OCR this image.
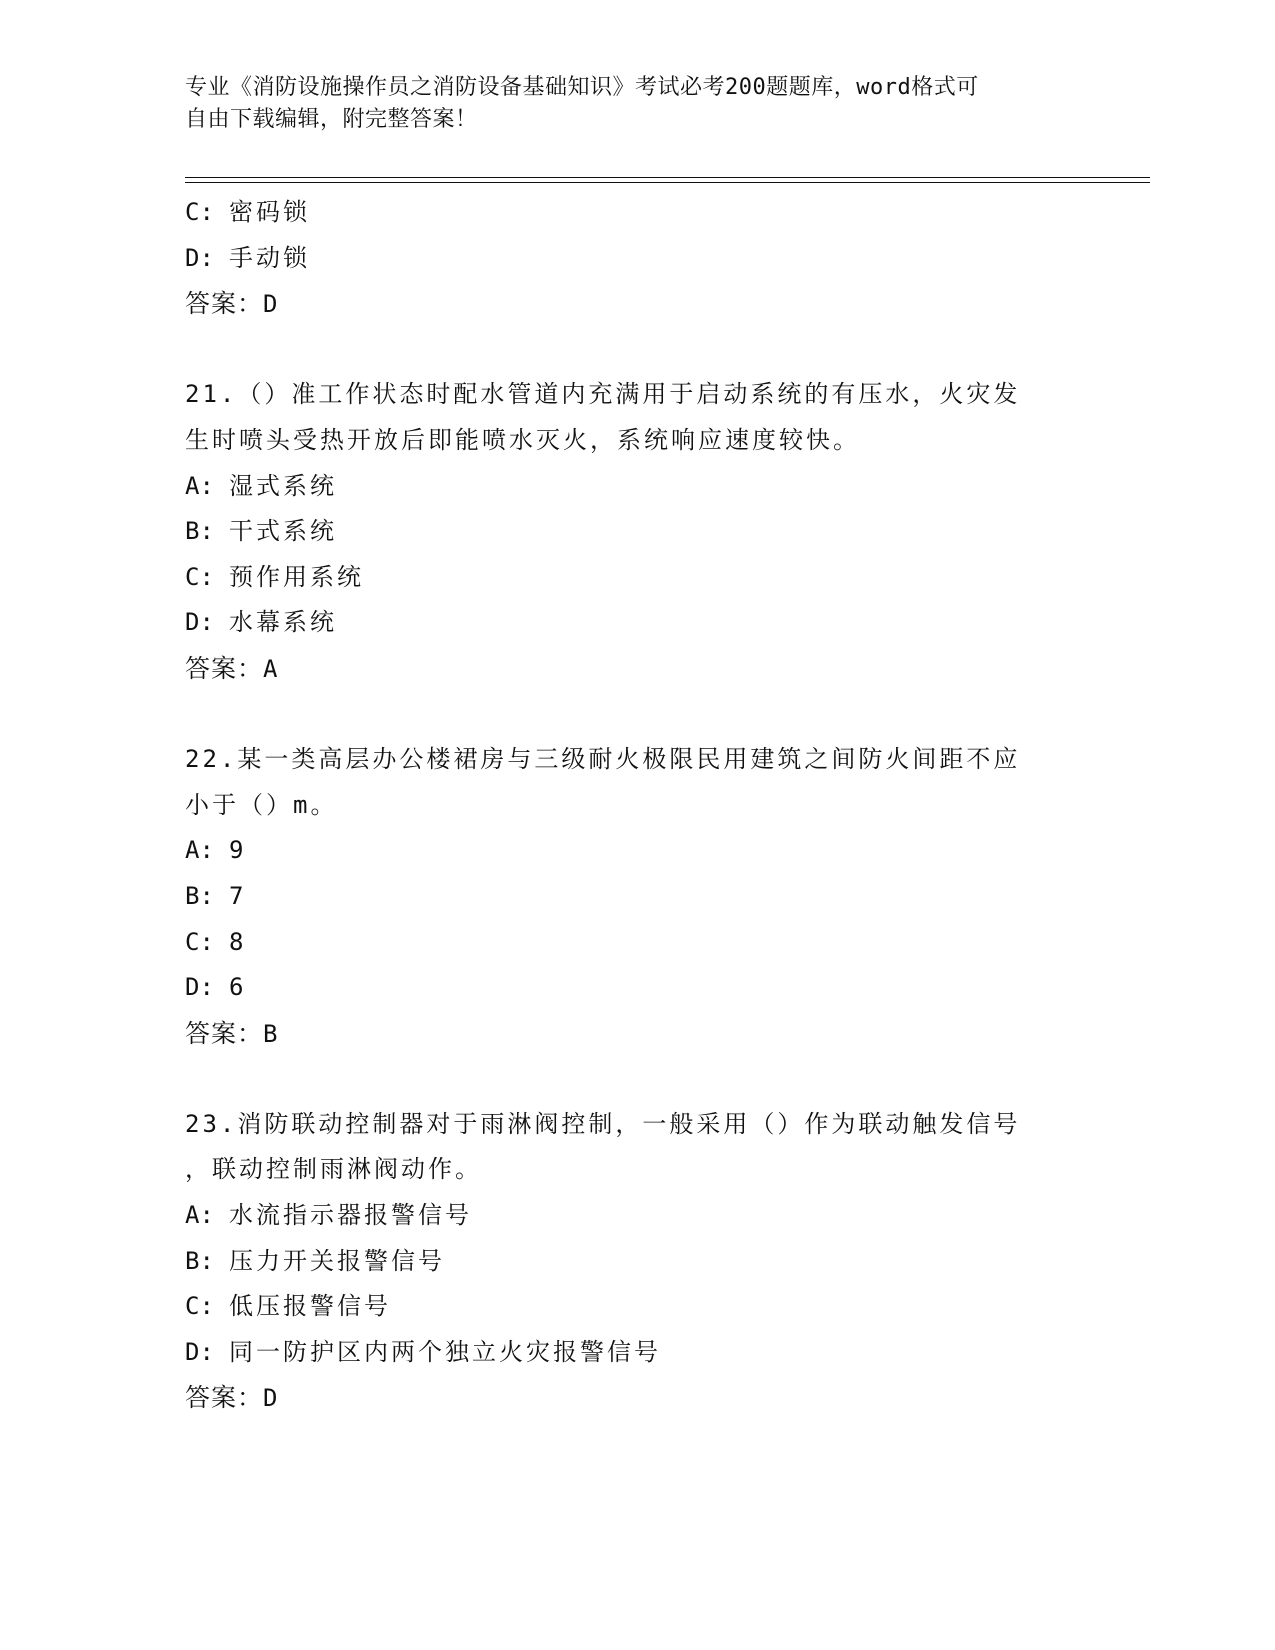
专业《消防设施操作员之消防设备基础知识》考试必考200题题库，word格式可
自由下载编辑，附完整答案！
C: 密码锁
D: 手动锁
答案：D
21.（）准工作状态时配水管道内充满用于启动系统的有压水，火灾发
生时喷头受热开放后即能喷水灭火，系统响应速度较快。
A: 湿式系统
B: 干式系统
C: 预作用系统
D: 水幕系统
答案：A
22.某一类高层办公楼裙房与三级耐火极限民用建筑之间防火间距不应
小于（）m。
A: 9
B: 7
C: 8
D: 6
答案：B
23.消防联动控制器对于雨淋阀控制，一般采用（）作为联动触发信号
，联动控制雨淋阀动作。
A: 水流指示器报警信号
B: 压力开关报警信号
C: 低压报警信号
D: 同一防护区内两个独立火灾报警信号
答案：D
